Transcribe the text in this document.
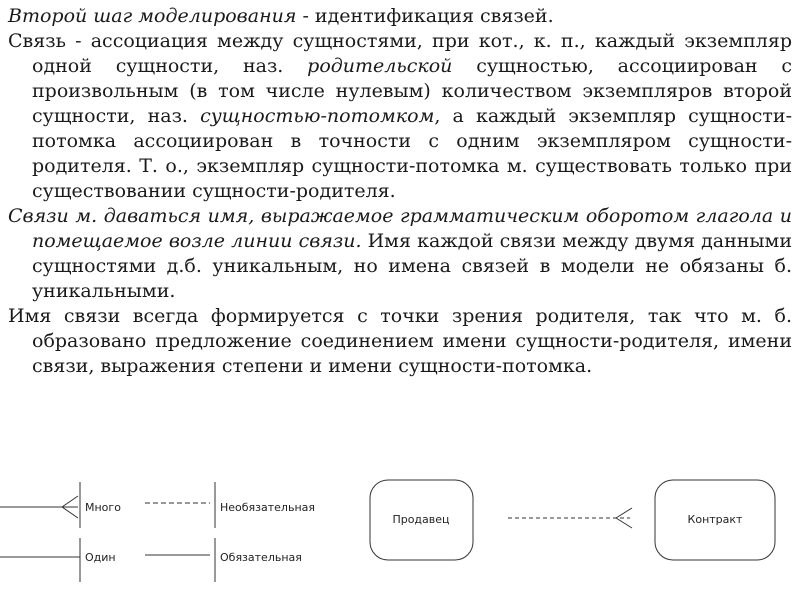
Второй шаг моделирования - идентификация связей.

Связь - ассоциация между сущностями, при кот., к. п., каждый экземпляр одной сущности, наз. родительской сущностью, ассоциирован с произвольным (в том числе нулевым) количеством экземпляров второй сущности, наз. сущностью-потомком, а каждый экземпляр сущности-потомка ассоциирован в точности с одним экземпляром сущности-родителя. Т. о., экземпляр сущности-потомка м. существовать только при существовании сущности-родителя.

Связи м. даваться имя, выражаемое грамматическим оборотом глагола и помещаемое возле линии связи. Имя каждой связи между двумя данными сущностями д.б. уникальным, но имена связей в модели не обязаны б. уникальными.

Имя связи всегда формируется с точки зрения родителя, так что м. б. образовано предложение соединением имени сущности-родителя, имени связи, выражения степени и имени сущности-потомка.

Много
Один
Необязательная
Обязательная
Продавец	Контракт
